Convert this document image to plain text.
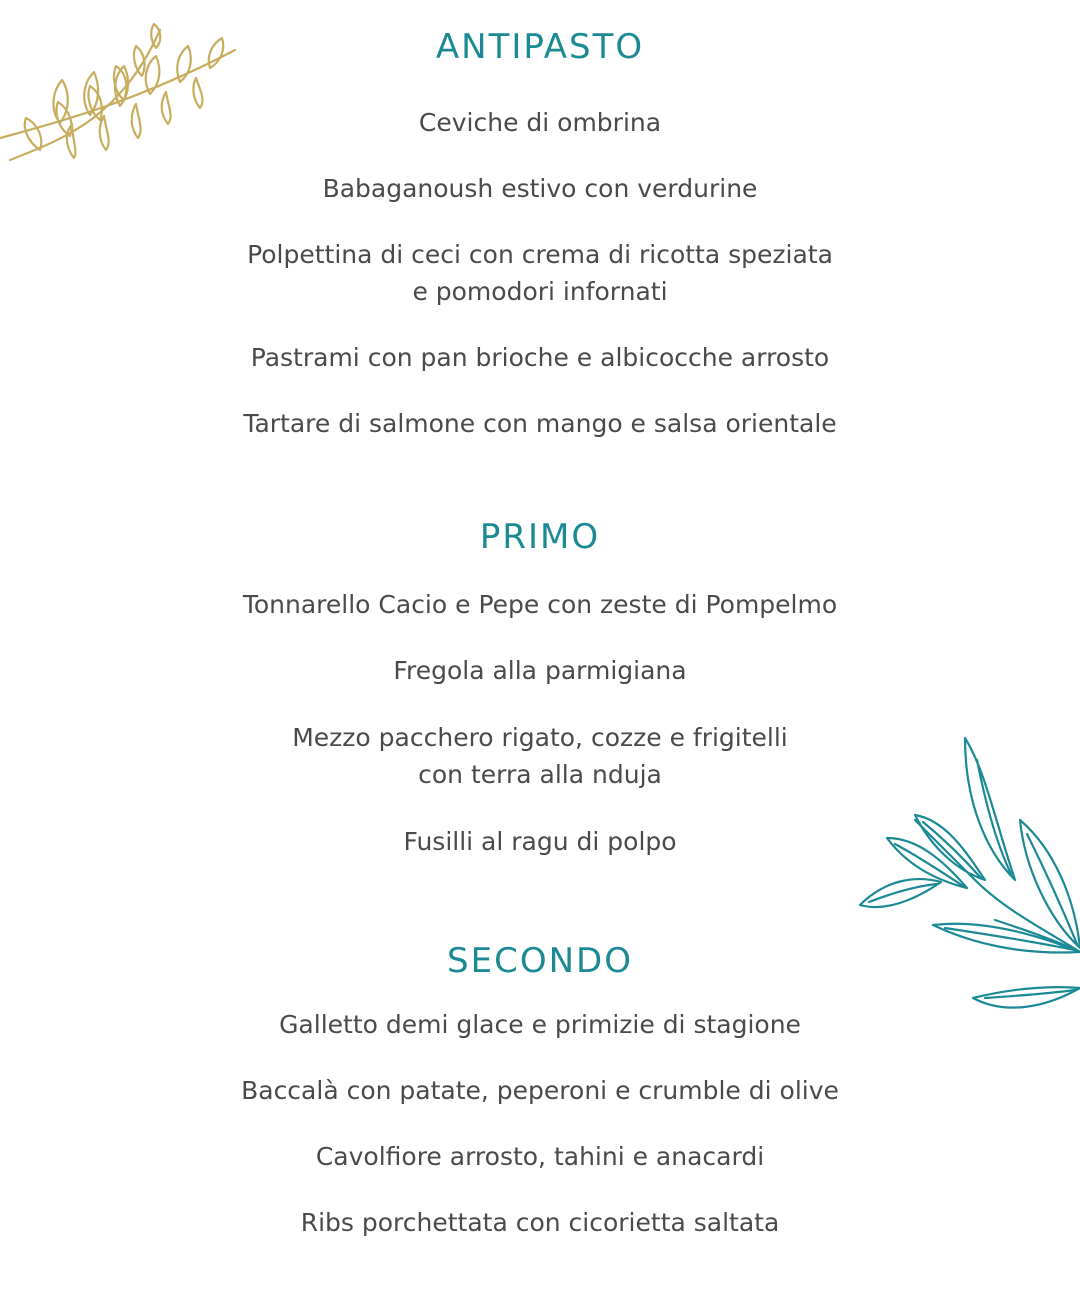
ANTIPASTO

Ceviche di ombrina

Babaganoush estivo con verdurine

Polpettina di ceci con crema di ricotta speziata
e pomodori infornati

Pastrami con pan brioche e albicocche arrosto

Tartare di salmone con mango e salsa orientale

PRIMO

Tonnarello Cacio e Pepe con zeste di Pompelmo

Fregola alla parmigiana

Mezzo pacchero rigato, cozze e frigitelli
con terra alla nduja

Fusilli al ragu di polpo

SECONDO

Galletto demi glace e primizie di stagione

Baccalà con patate, peperoni e crumble di olive

Cavolfiore arrosto, tahini e anacardi

Ribs porchettata con cicorietta saltata
